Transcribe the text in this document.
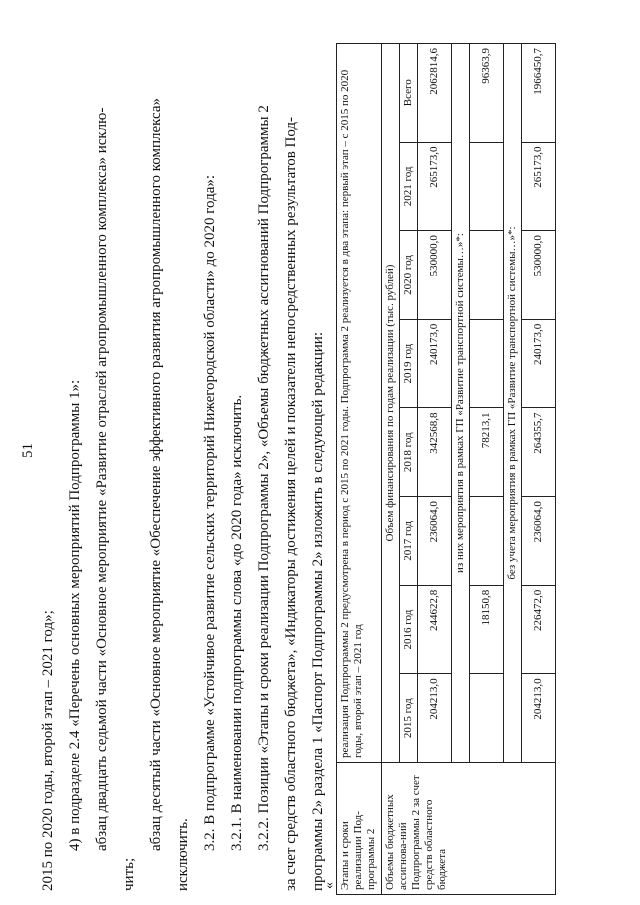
51
2015 по 2020 годы, второй этап – 2021 год»; 4) в подразделе 2.4 «Перечень основных мероприятий Подпрограммы 1»: абзац двадцать седьмой части «Основное мероприятие «Развитие отраслей агропромышленного комплекса» исклю-
чить;
абзац десятый части «Основное мероприятие «Обеспечение эффективного развития агропромышленного комплекса»
исключить.
3.2. В подпрограмме «Устойчивое развитие сельских территорий Нижегородской области» до 2020 года»: 3.2.1. В наименовании подпрограммы слова «до 2020 года» исключить. 3.2.2. Позиции «Этапы и сроки реализации Подпрограммы 2», «Объемы бюджетных ассигнований Подпрограммы 2 за счет средств областного бюджета», «Индикаторы достижения целей и показатели непосредственных результатов Под- программы 2» раздела 1 «Паспорт Подпрограммы 2» изложить в следующей редакции:
« Этапы и сроки реализации Под-программы 2	реализация Подпрограммы 2 предусмотрена в период с 2015 по 2021 годы. Подпрограмма 2 реализуется в два этапа: первый этап – с 2015 по 2020 годы, второй этап – 2021 год							
Объемы бюджетных ассигнова-ний Подпрограммы 2 за счет средств областного бюджета	Объем финансирования по годам реализации (тыс. рублей)							
	2015 год	2016 год	2017 год	2018 год	2019 год	2020 год	2021 год	Всего
	204213,0	244622,8	236064,0	342568,8	240173,0	530000,0	265173,0	2062814,6
	из них мероприятия в рамках ГП «Развитие транспортной системы…»*:							
		18150,8		78213,1				96363,9
	без учета мероприятия в рамках ГП «Развитие транспортной системы…»*:							
	204213,0	226472,0	236064,0	264355,7	240173,0	530000,0	265173,0	1966450,7
